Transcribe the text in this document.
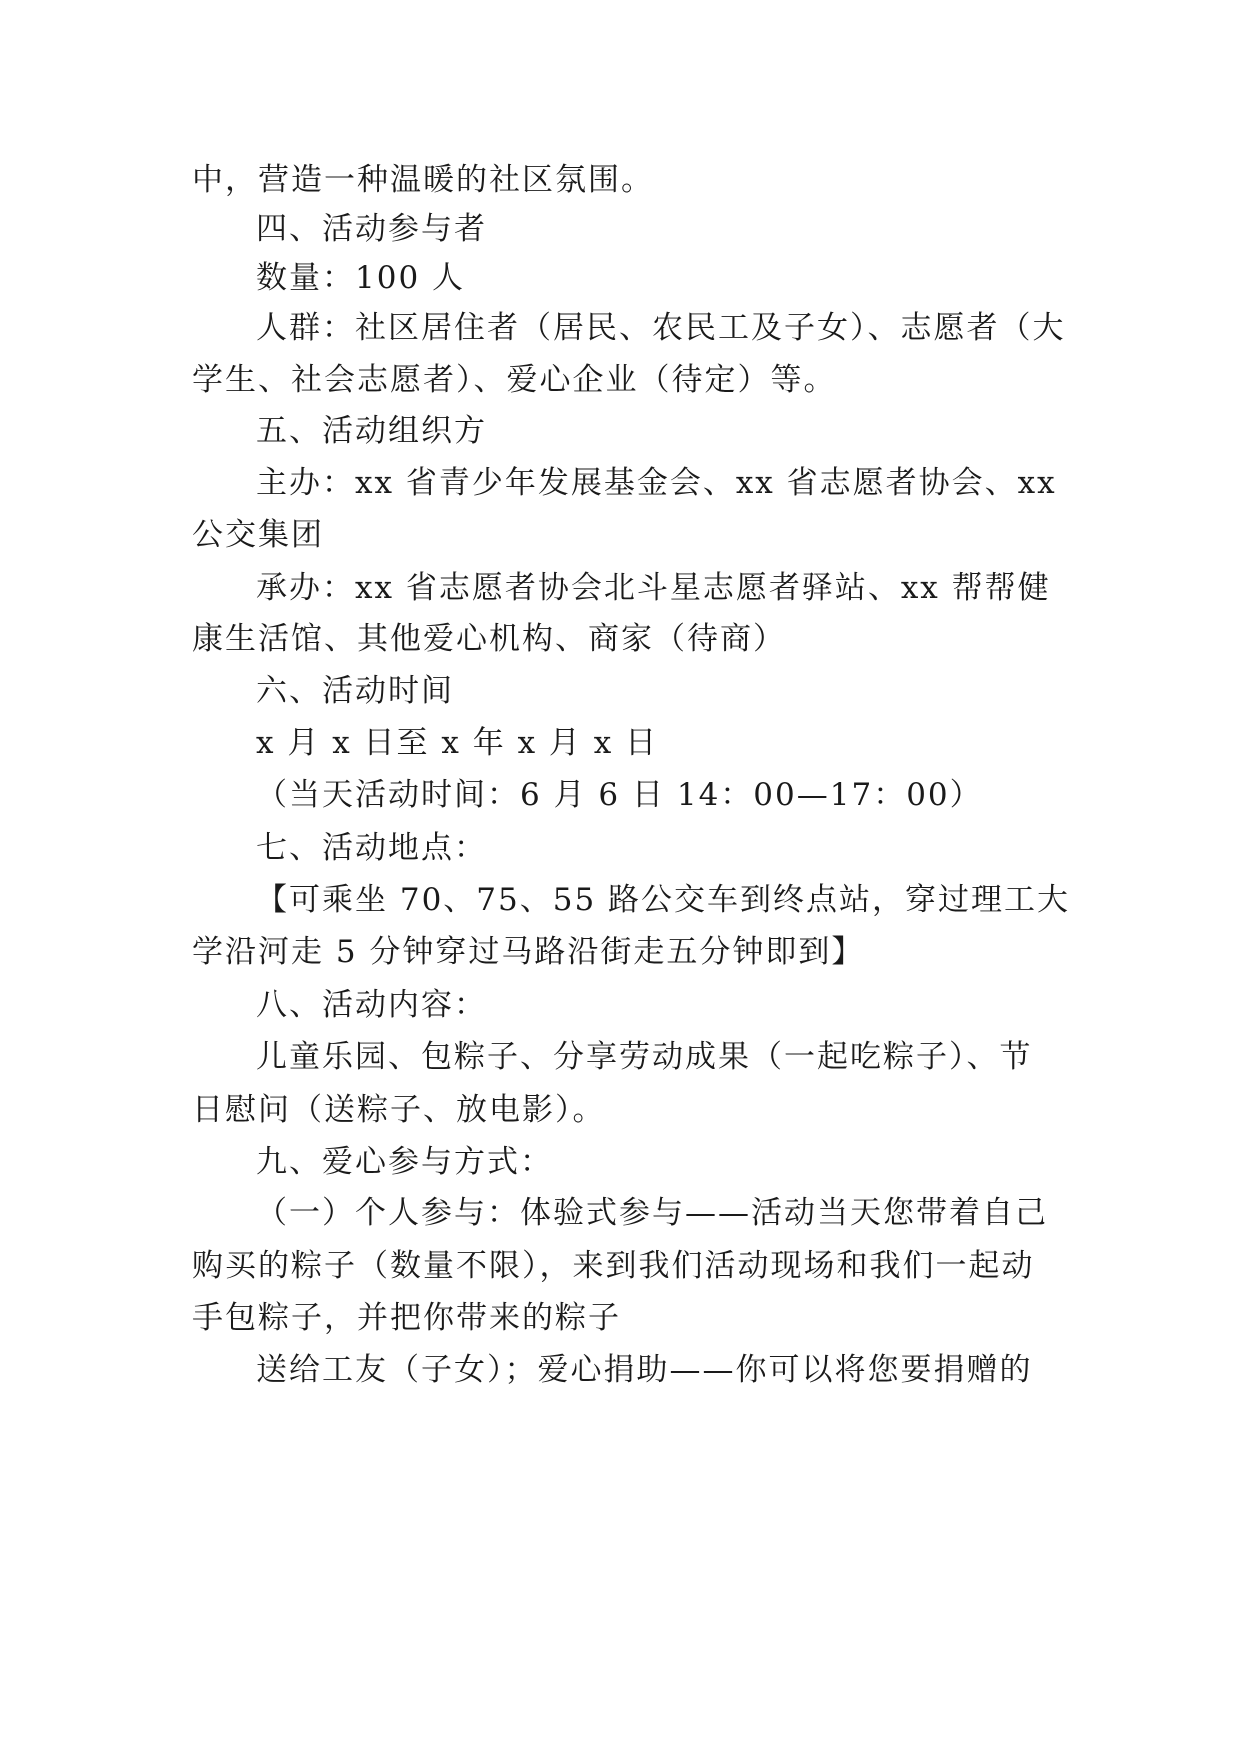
中，营造一种温暖的社区氛围。
四、活动参与者
数量：100 人
人群：社区居住者（居民、农民工及子女）、志愿者（大
学生、社会志愿者）、爱心企业（待定）等。
五、活动组织方
主办：xx 省青少年发展基金会、xx 省志愿者协会、xx
公交集团
承办：xx 省志愿者协会北斗星志愿者驿站、xx 帮帮健
康生活馆、其他爱心机构、商家（待商）
六、活动时间
x 月 x 日至 x 年 x 月 x 日
（当天活动时间：6 月 6 日 14：00—17：00）
七、活动地点：
【可乘坐 70、75、55 路公交车到终点站，穿过理工大
学沿河走 5 分钟穿过马路沿街走五分钟即到】
八、活动内容：
儿童乐园、包粽子、分享劳动成果（一起吃粽子）、节
日慰问（送粽子、放电影）。
九、爱心参与方式：
（一）个人参与：体验式参与——活动当天您带着自己
购买的粽子（数量不限），来到我们活动现场和我们一起动
手包粽子，并把你带来的粽子
送给工友（子女）；爱心捐助——你可以将您要捐赠的
